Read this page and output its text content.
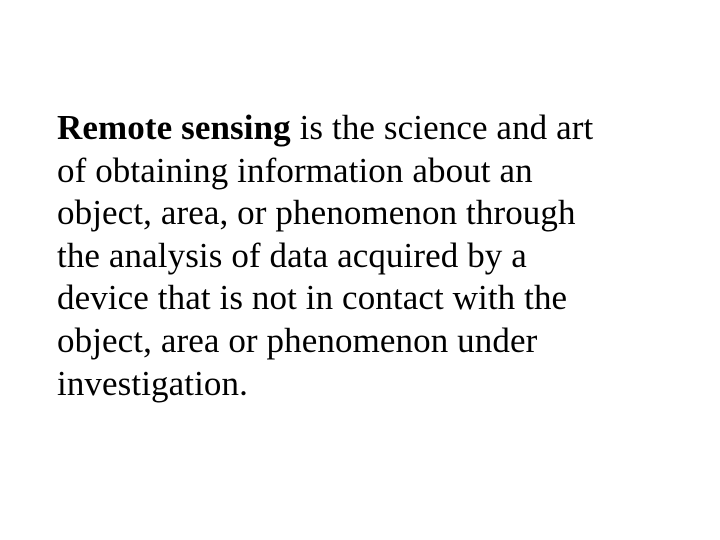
Remote sensing is the science and art
of obtaining information about an
object, area, or phenomenon through
the analysis of data acquired by a
device that is not in contact with the
object, area or phenomenon under
investigation.
